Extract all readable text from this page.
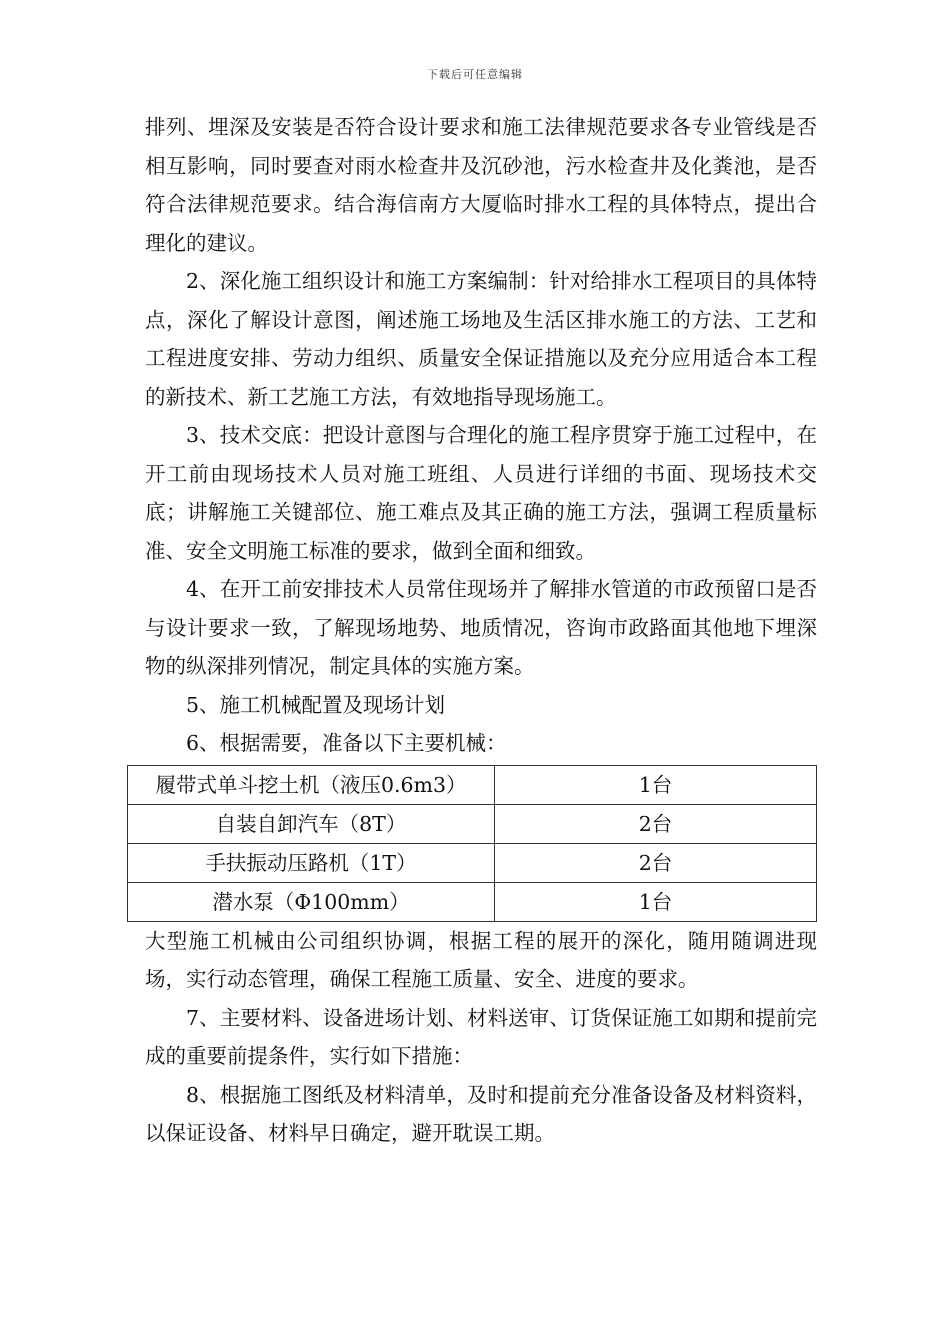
下载后可任意编辑

排列、埋深及安装是否符合设计要求和施工法律规范要求各专业管线是否相互影响，同时要查对雨水检查井及沉砂池，污水检查井及化粪池，是否符合法律规范要求。结合海信南方大厦临时排水工程的具体特点，提出合理化的建议。

2、深化施工组织设计和施工方案编制：针对给排水工程项目的具体特点，深化了解设计意图，阐述施工场地及生活区排水施工的方法、工艺和工程进度安排、劳动力组织、质量安全保证措施以及充分应用适合本工程的新技术、新工艺施工方法，有效地指导现场施工。

3、技术交底：把设计意图与合理化的施工程序贯穿于施工过程中，在开工前由现场技术人员对施工班组、人员进行详细的书面、现场技术交底；讲解施工关键部位、施工难点及其正确的施工方法，强调工程质量标准、安全文明施工标准的要求，做到全面和细致。

4、在开工前安排技术人员常住现场并了解排水管道的市政预留口是否与设计要求一致，了解现场地势、地质情况，咨询市政路面其他地下埋深物的纵深排列情况，制定具体的实施方案。

5、施工机械配置及现场计划

6、根据需要，准备以下主要机械：

履带式单斗挖土机（液压0.6m3）	1台
自装自卸汽车（8T）	2台
手扶振动压路机（1T）	2台
潜水泵（Φ100mm）	1台

大型施工机械由公司组织协调，根据工程的展开的深化，随用随调进现场，实行动态管理，确保工程施工质量、安全、进度的要求。

7、主要材料、设备进场计划、材料送审、订货保证施工如期和提前完成的重要前提条件，实行如下措施：

8、根据施工图纸及材料清单，及时和提前充分准备设备及材料资料，以保证设备、材料早日确定，避开耽误工期。
